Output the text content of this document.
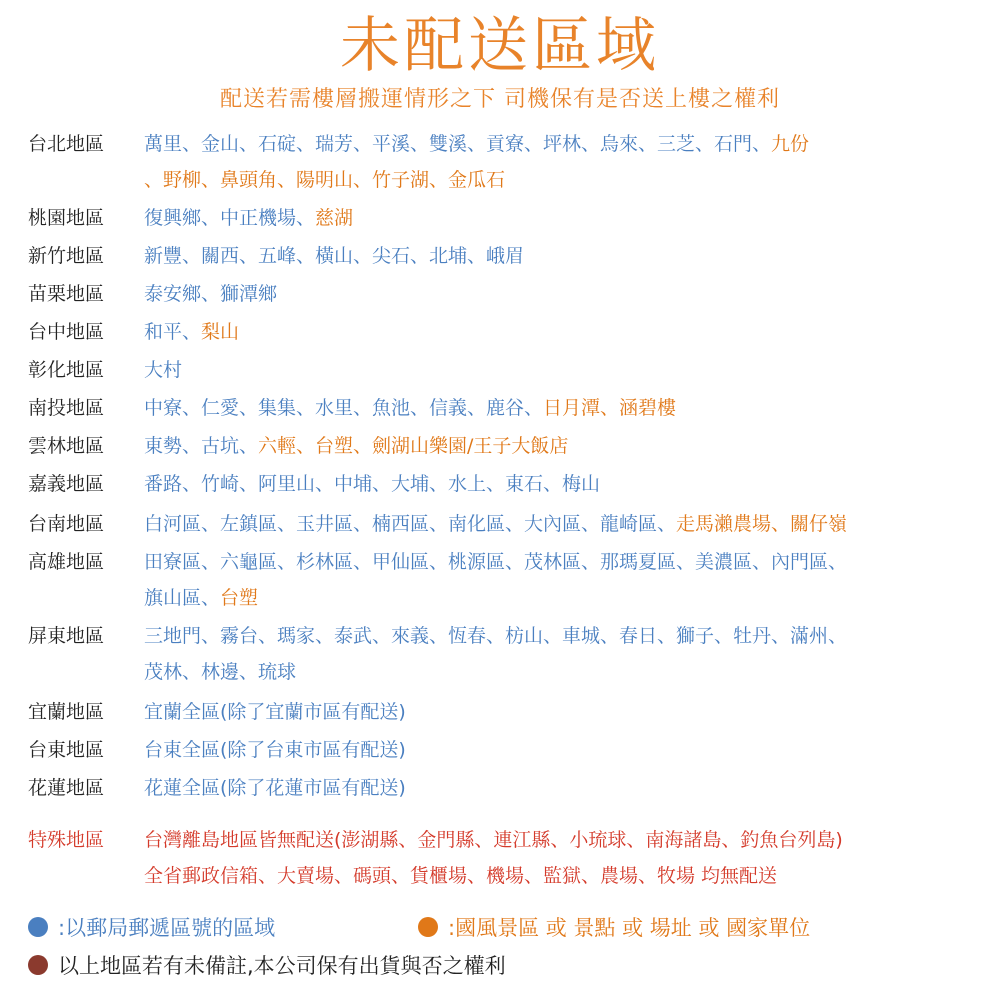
未配送區域
配送若需樓層搬運情形之下 司機保有是否送上樓之權利
台北地區 萬里、金山、石碇、瑞芳、平溪、雙溪、貢寮、坪林、烏來、三芝、石門、九份
、野柳、鼻頭角、陽明山、竹子湖、金瓜石
桃園地區 復興鄉、中正機場、慈湖
新竹地區 新豐、關西、五峰、橫山、尖石、北埔、峨眉
苗栗地區 泰安鄉、獅潭鄉
台中地區 和平、梨山
彰化地區 大村
南投地區 中寮、仁愛、集集、水里、魚池、信義、鹿谷、日月潭、涵碧樓
雲林地區 東勢、古坑、六輕、台塑、劍湖山樂園/王子大飯店
嘉義地區 番路、竹崎、阿里山、中埔、大埔、水上、東石、梅山
台南地區 白河區、左鎮區、玉井區、楠西區、南化區、大內區、龍崎區、走馬瀨農場、關仔嶺
高雄地區 田寮區、六龜區、杉林區、甲仙區、桃源區、茂林區、那瑪夏區、美濃區、內門區、
旗山區、台塑
屏東地區 三地門、霧台、瑪家、泰武、來義、恆春、枋山、車城、春日、獅子、牡丹、滿州、
茂林、林邊、琉球
宜蘭地區 宜蘭全區(除了宜蘭市區有配送)
台東地區 台東全區(除了台東市區有配送)
花蓮地區 花蓮全區(除了花蓮市區有配送)
特殊地區 台灣離島地區皆無配送(澎湖縣、金門縣、連江縣、小琉球、南海諸島、釣魚台列島)
全省郵政信箱、大賣場、碼頭、貨櫃場、機場、監獄、農場、牧場 均無配送
:以郵局郵遞區號的區域	:國風景區 或 景點 或 場址 或 國家單位
以上地區若有未備註,本公司保有出貨與否之權利
